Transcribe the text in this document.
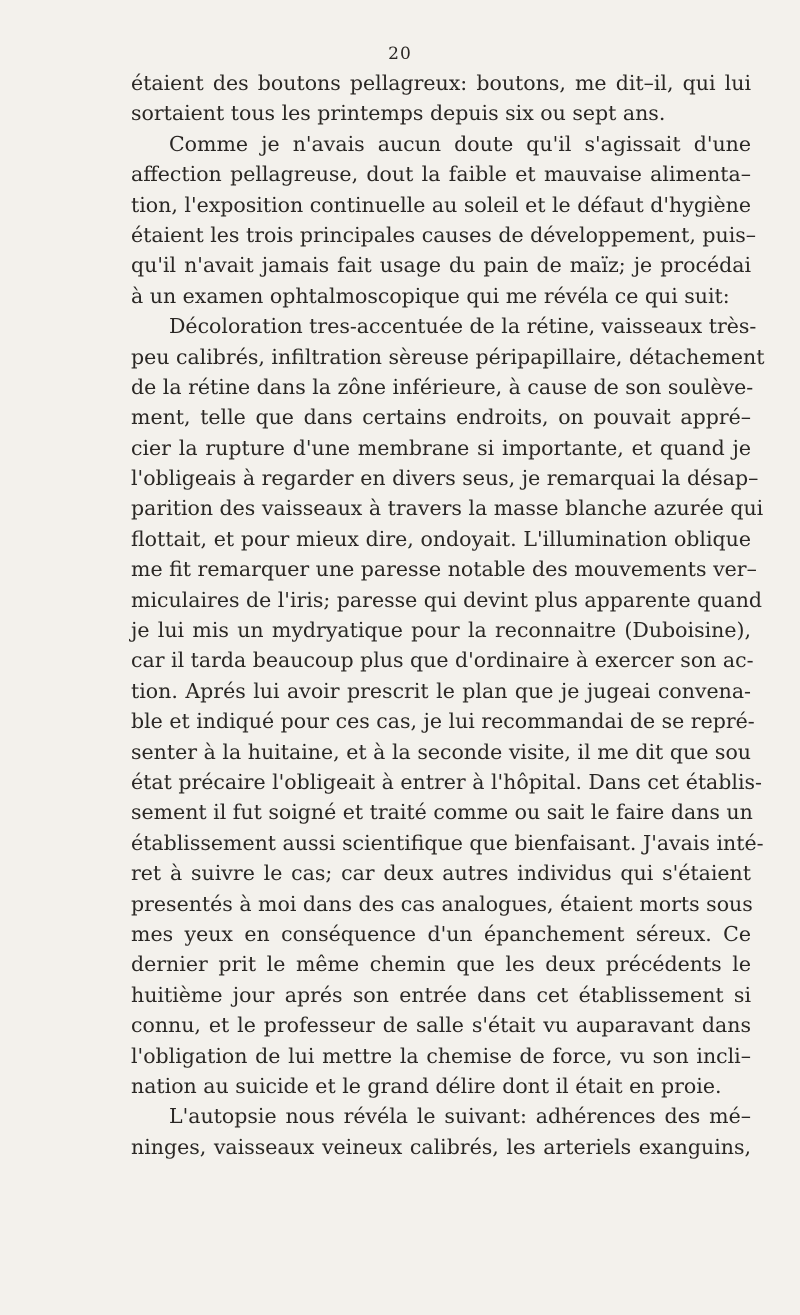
20
étaient des boutons pellagreux: boutons, me dit–il, qui lui
sortaient tous les printemps depuis six ou sept ans.
Comme je n'avais aucun doute qu'il s'agissait d'une
affection pellagreuse, dout la faible et mauvaise alimenta–
tion, l'exposition continuelle au soleil et le défaut d'hygiène
étaient les trois principales causes de développement, puis–
qu'il n'avait jamais fait usage du pain de maïz; je procédai
à un examen ophtalmoscopique qui me révéla ce qui suit:
Décoloration tres-accentuée de la rétine, vaisseaux très-
peu calibrés, infiltration sèreuse péripapillaire, détachement
de la rétine dans la zône inférieure, à cause de son soulève-
ment, telle que dans certains endroits, on pouvait appré–
cier la rupture d'une membrane si importante, et quand je
l'obligeais à regarder en divers seus, je remarquai la désap–
parition des vaisseaux à travers la masse blanche azurée qui
flottait, et pour mieux dire, ondoyait. L'illumination oblique
me fit remarquer une paresse notable des mouvements ver–
miculaires de l'iris; paresse qui devint plus apparente quand
je lui mis un mydryatique pour la reconnaitre (Duboisine),
car il tarda beaucoup plus que d'ordinaire à exercer son ac-
tion. Aprés lui avoir prescrit le plan que je jugeai convena-
ble et indiqué pour ces cas, je lui recommandai de se repré-
senter à la huitaine, et à la seconde visite, il me dit que sou
état précaire l'obligeait à entrer à l'hôpital. Dans cet établis-
sement il fut soigné et traité comme ou sait le faire dans un
établissement aussi scientifique que bienfaisant. J'avais inté-
ret à suivre le cas; car deux autres individus qui s'étaient
presentés à moi dans des cas analogues, étaient morts sous
mes yeux en conséquence d'un épanchement séreux. Ce
dernier prit le même chemin que les deux précédents le
huitième jour aprés son entrée dans cet établissement si
connu, et le professeur de salle s'était vu auparavant dans
l'obligation de lui mettre la chemise de force, vu son incli–
nation au suicide et le grand délire dont il était en proie.
L'autopsie nous révéla le suivant: adhérences des mé–
ninges, vaisseaux veineux calibrés, les arteriels exanguins,
